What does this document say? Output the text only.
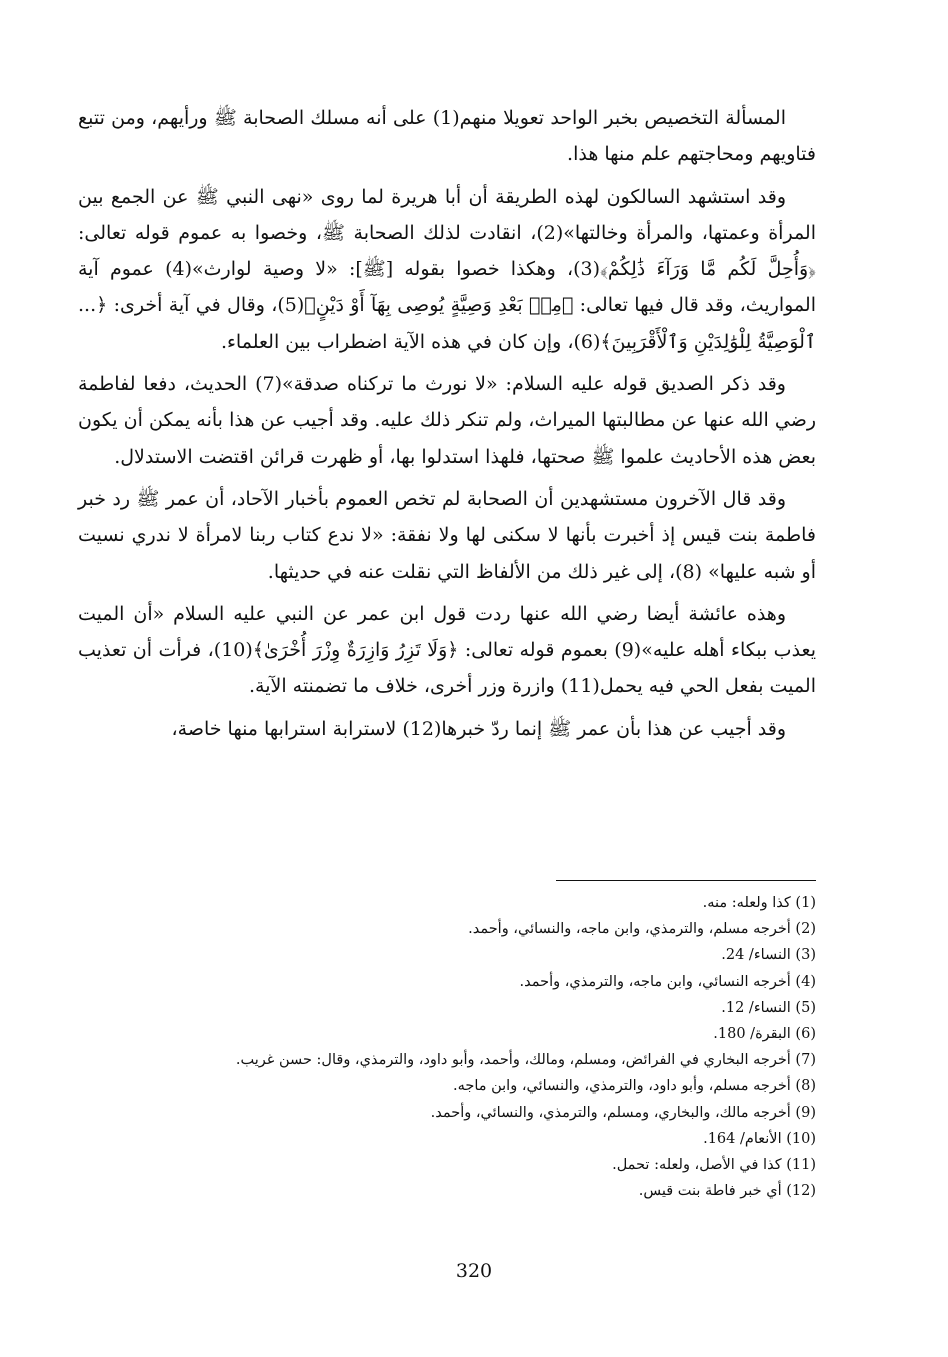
المسألة التخصيص بخبر الواحد تعويلا منهم(1) على أنه مسلك الصحابة ﷺ ورأيهم، ومن تتبع فتاويهم ومحاجتهم علم منها هذا.

وقد استشهد السالكون لهذه الطريقة أن أبا هريرة لما روى «نهى النبي ﷺ عن الجمع بين المرأة وعمتها، والمرأة وخالتها»(2)، انقادت لذلك الصحابة ﷺ، وخصوا به عموم قوله تعالى: ﴿وَأُحِلَّ لَكُم مَّا وَرَآءَ ذَٰلِكُمْ﴾(3)، وهكذا خصوا بقوله [ﷺ]: «لا وصية لوارث»(4) عموم آية المواريث، وقد قال فيها تعالى: ﴿مِنۢ بَعْدِ وَصِيَّةٍ يُوصِى بِهَآ أَوْ دَيْنٍ﴾(5)، وقال في آية أخرى: ﴿... ٱلْوَصِيَّةُ لِلْوَٰلِدَيْنِ وَٱلْأَقْرَبِينَ﴾(6)، وإن كان في هذه الآية اضطراب بين العلماء.

وقد ذكر الصديق قوله عليه السلام: «لا نورث ما تركناه صدقة»(7) الحديث، دفعا لفاطمة رضي الله عنها عن مطالبتها الميراث، ولم تنكر ذلك عليه. وقد أجيب عن هذا بأنه يمكن أن يكون بعض هذه الأحاديث علموا ﷺ صحتها، فلهذا استدلوا بها، أو ظهرت قرائن اقتضت الاستدلال.

وقد قال الآخرون مستشهدين أن الصحابة لم تخص العموم بأخبار الآحاد، أن عمر ﷺ رد خبر فاطمة بنت قيس إذ أخبرت بأنها لا سكنى لها ولا نفقة: «لا ندع كتاب ربنا لامرأة لا ندري نسيت أو شبه عليها» (8)، إلى غير ذلك من الألفاظ التي نقلت عنه في حديثها.

وهذه عائشة أيضا رضي الله عنها ردت قول ابن عمر عن النبي عليه السلام «أن الميت يعذب ببكاء أهله عليه»(9) بعموم قوله تعالى: ﴿وَلَا تَزِرُ وَازِرَةٌ وِزْرَ أُخْرَىٰ﴾(10)، فرأت أن تعذيب الميت بفعل الحي فيه يحمل(11) وازرة وزر أخرى، خلاف ما تضمنته الآية.

وقد أجيب عن هذا بأن عمر ﷺ إنما ردّ خبرها(12) لاسترابة استرابها منها خاصة،

(1) كذا ولعله: منه.
(2) أخرجه مسلم، والترمذي، وابن ماجه، والنسائي، وأحمد.
(3) النساء/ 24.
(4) أخرجه النسائي، وابن ماجه، والترمذي، وأحمد.
(5) النساء/ 12.
(6) البقرة/ 180.
(7) أخرجه البخاري في الفرائض، ومسلم، ومالك، وأحمد، وأبو داود، والترمذي، وقال: حسن غريب.
(8) أخرجه مسلم، وأبو داود، والترمذي، والنسائي، وابن ماجه.
(9) أخرجه مالك، والبخاري، ومسلم، والترمذي، والنسائي، وأحمد.
(10) الأنعام/ 164.
(11) كذا في الأصل، ولعله: تحمل.
(12) أي خبر فاطة بنت قيس.
320
